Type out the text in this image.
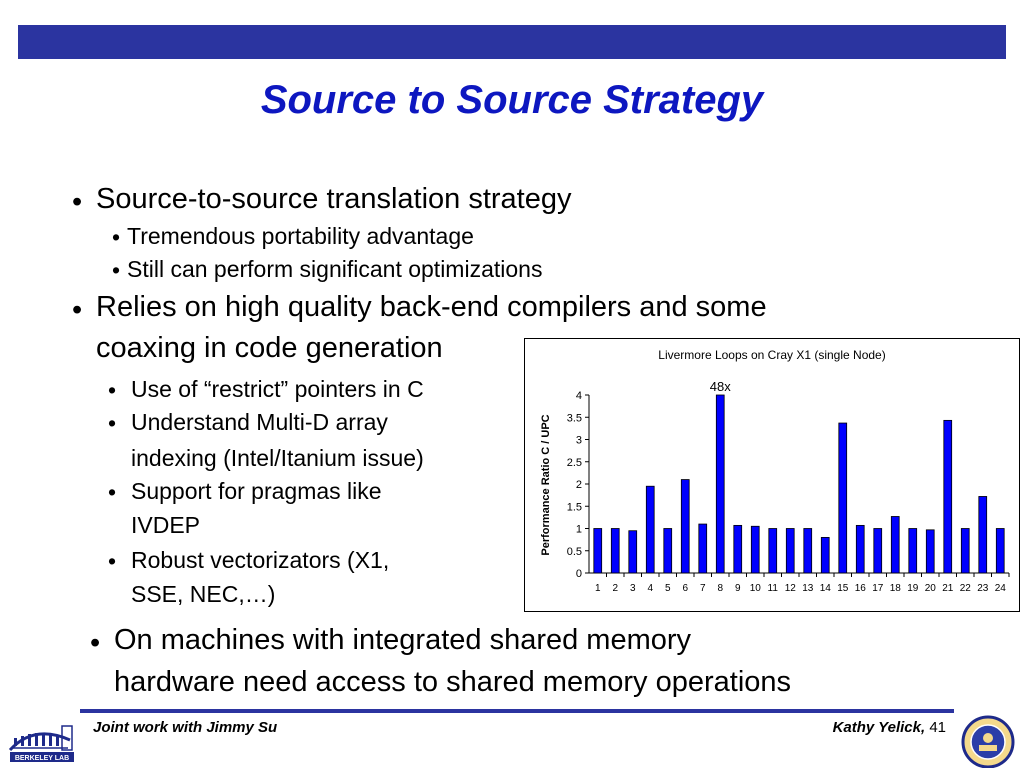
Source to Source Strategy
• Source-to-source translation strategy
• Tremendous portability advantage
• Still can perform significant optimizations
• Relies on high quality back-end compilers and some
coaxing in code generation
• Use of “restrict” pointers in C
• Understand Multi-D array
indexing (Intel/Itanium issue)
• Support for pragmas like
IVDEP
• Robust vectorizators (X1,
SSE, NEC,…)
• On machines with integrated shared memory
hardware need access to shared memory operations
Livermore Loops on Cray X1 (single Node)
Performance Ratio C / UPC
0
0.5
1
1.5
2
2.5
3
3.5
4
1 2 3 4 5 6 7 8
48x
9 10 11 12 13 14 15 16 17 18 19 20 21 22 23 24
BERKELEY LAB
Joint work with Jimmy Su	Kathy Yelick, 41
